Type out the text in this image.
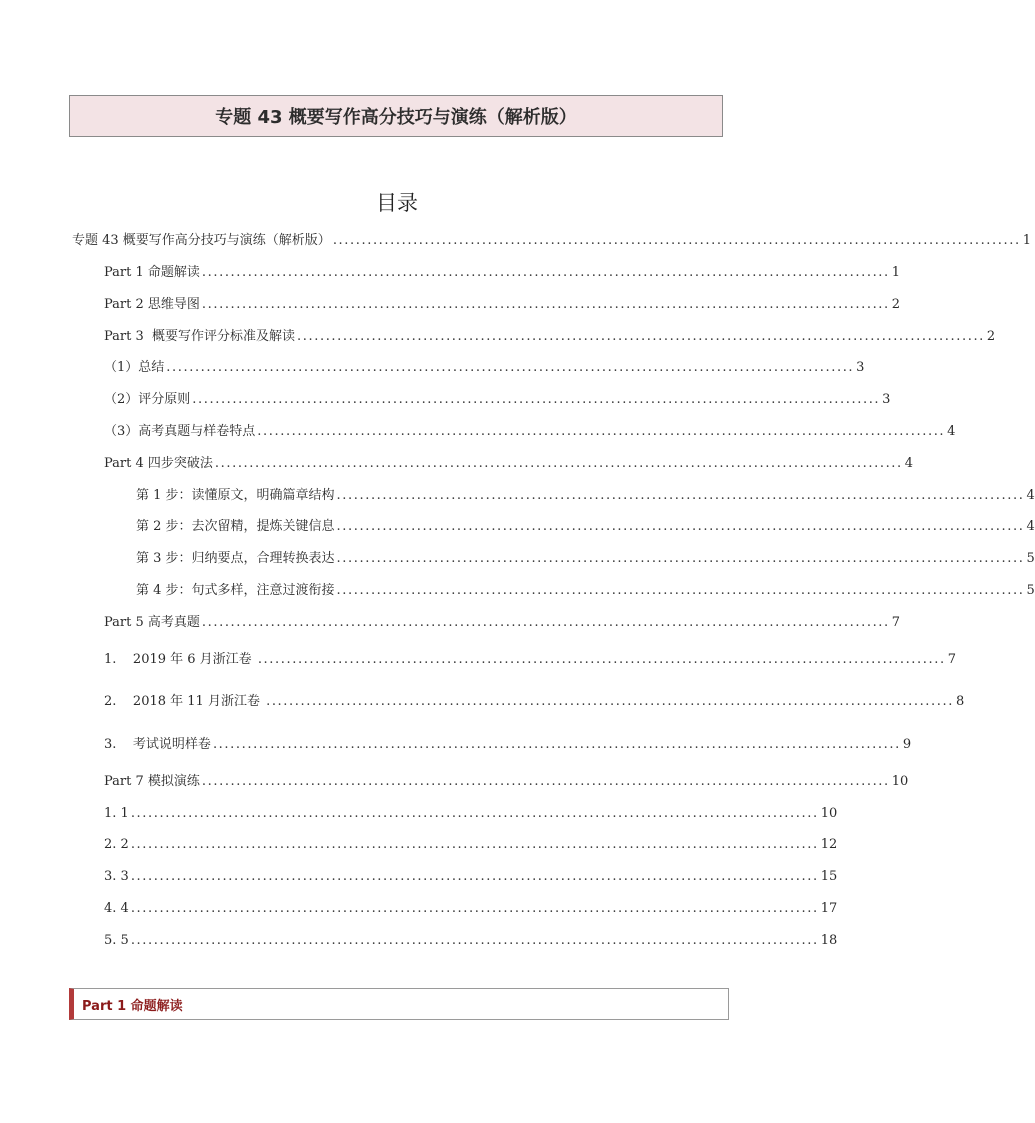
专题 43 概要写作高分技巧与演练（解析版）
目录
专题 43 概要写作高分技巧与演练（解析版） ........................................................................................................................ 1
Part 1 命题解读 ........................................................................................................................ 1
Part 2 思维导图 ........................................................................................................................ 2
Part 3  概要写作评分标准及解读 ........................................................................................................................ 2
（1）总结 ........................................................................................................................ 3
（2）评分原则 ........................................................................................................................ 3
（3）高考真题与样卷特点 ........................................................................................................................ 4
Part 4 四步突破法 ........................................................................................................................ 4
第 1 步：读懂原文，明确篇章结构 ........................................................................................................................ 4
第 2 步：去次留精，提炼关键信息 ........................................................................................................................ 4
第 3 步：归纳要点，合理转换表达 ........................................................................................................................ 5
第 4 步：句式多样，注意过渡衔接 ........................................................................................................................ 5
Part 5 高考真题 ........................................................................................................................ 7
1.    2019 年 6 月浙江卷 ........................................................................................................................ 7
2.    2018 年 11 月浙江卷 ........................................................................................................................ 8
3.    考试说明样卷 ........................................................................................................................ 9
Part 7 模拟演练 ........................................................................................................................ 10
1. 1 ........................................................................................................................ 10
2. 2 ........................................................................................................................ 12
3. 3 ........................................................................................................................ 15
4. 4 ........................................................................................................................ 17
5. 5 ........................................................................................................................ 18
Part 1 命题解读
